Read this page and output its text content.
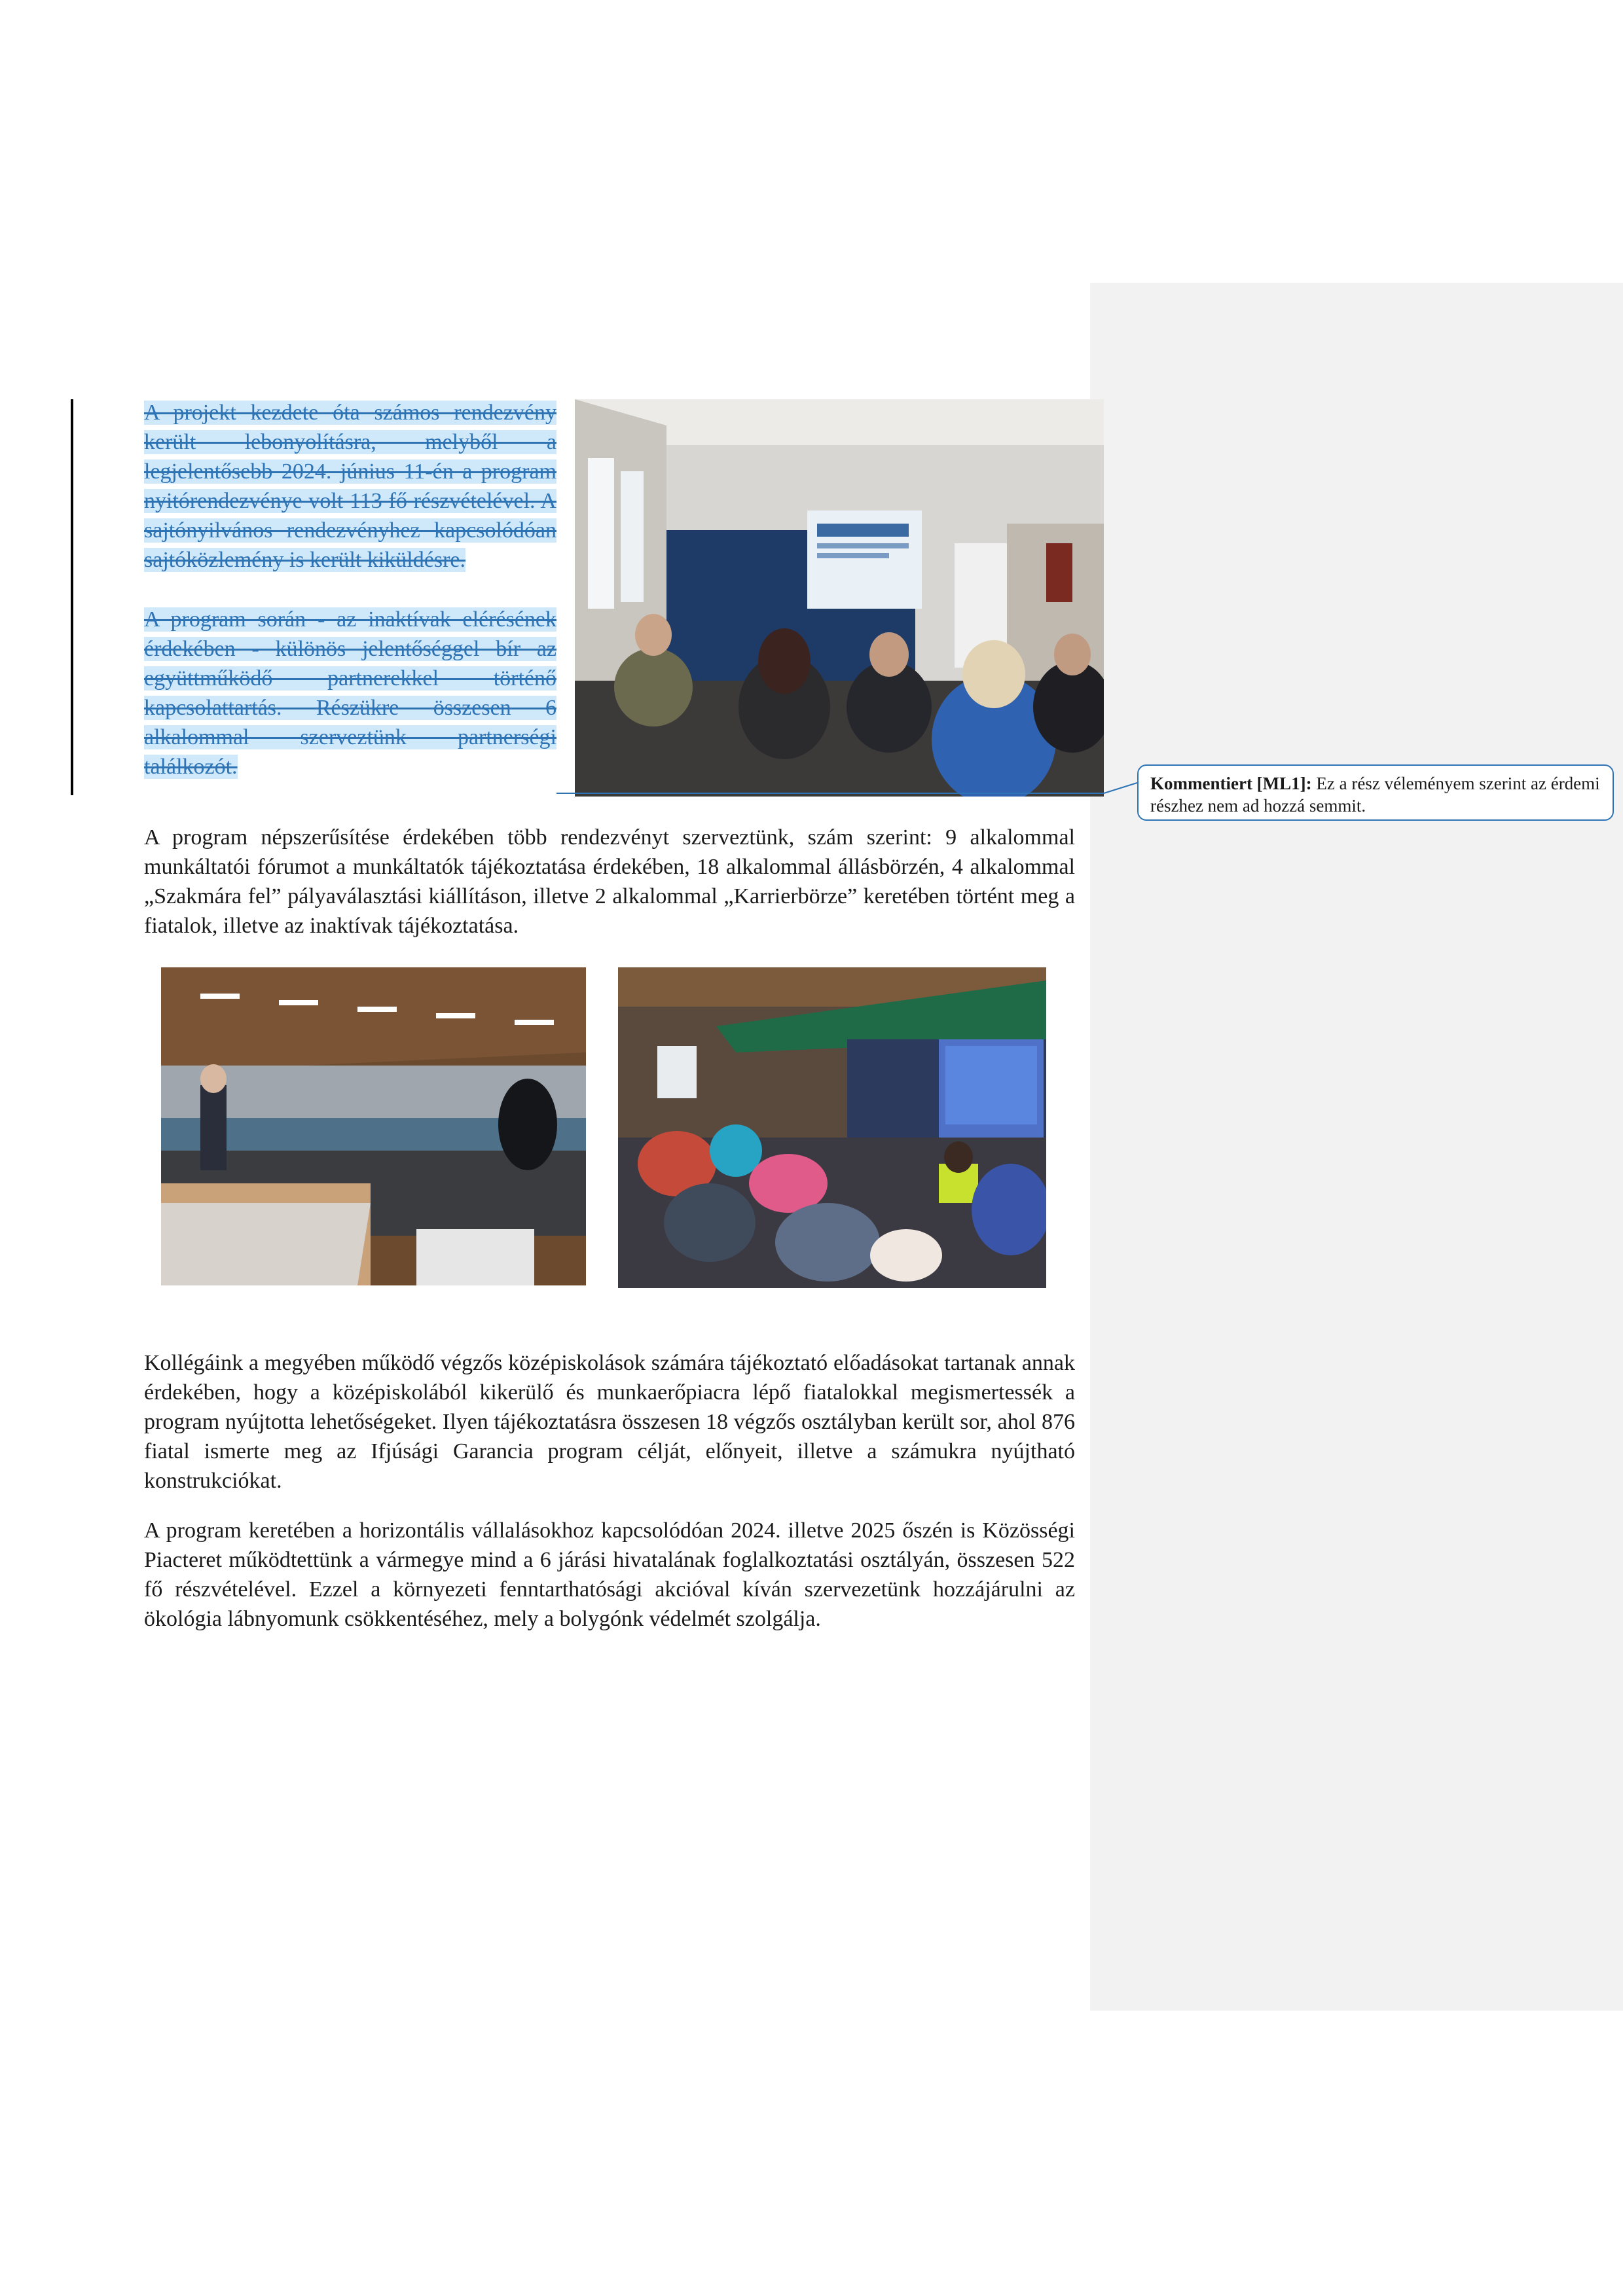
A projekt kezdete óta számos rendezvény került lebonyolításra, melyből a legjelentősebb 2024. június 11-én a program nyitórendezvénye volt 113 fő részvételével. A sajtónyilvános rendezvényhez kapcsolódóan sajtóközlemény is került kiküldésre.

A program során - az inaktívak elérésének érdekében - különös jelentőséggel bír az együttműködő partnerekkel történő kapcsolattartás. Részükre összesen 6 alkalommal szerveztünk partnerségi találkozót.

A program népszerűsítése érdekében több rendezvényt szerveztünk, szám szerint: 9 alkalommal munkáltatói fórumot a munkáltatók tájékoztatása érdekében, 18 alkalommal állásbörzén, 4 alkalommal „Szakmára fel” pályaválasztási kiállításon, illetve 2 alkalommal „Karrierbörze” keretében történt meg a fiatalok, illetve az inaktívak tájékoztatása.

Kollégáink a megyében működő végzős középiskolások számára tájékoztató előadásokat tartanak annak érdekében, hogy a középiskolából kikerülő és munkaerőpiacra lépő fiatalokkal megismertessék a program nyújtotta lehetőségeket. Ilyen tájékoztatásra összesen 18 végzős osztályban került sor, ahol 876 fiatal ismerte meg az Ifjúsági Garancia program célját, előnyeit, illetve a számukra nyújtható konstrukciókat.

A program keretében a horizontális vállalásokhoz kapcsolódóan 2024. illetve 2025 őszén is Közösségi Piacteret működtettünk a vármegye mind a 6 járási hivatalának foglalkoztatási osztályán, összesen 522 fő részvételével. Ezzel a környezeti fenntarthatósági akcióval kíván szervezetünk hozzájárulni az ökológia lábnyomunk csökkentéséhez, mely a bolygónk védelmét szolgálja.

Kommentiert [ML1]: Ez a rész véleményem szerint az érdemi részhez nem ad hozzá semmit.
